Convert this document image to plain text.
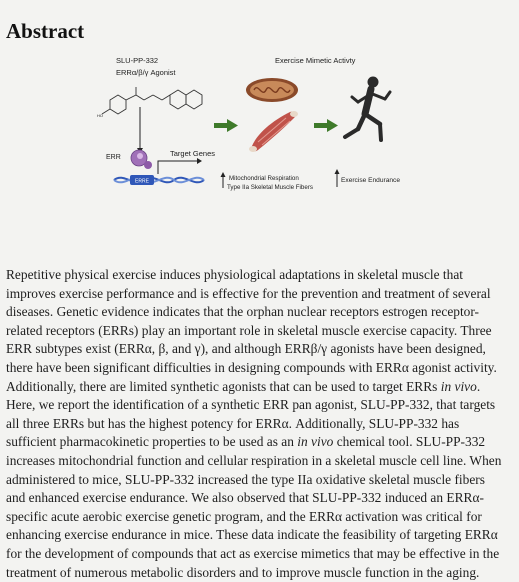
Abstract
SLU-PP-332
ERRα/β/γ Agonist
HO
ERR
ERRE
Target Genes
Exercise Mimetic Activty
Mitochondrial Respiration
Type IIa Skeletal Muscle Fibers
Exercise Endurance

Repetitive physical exercise induces physiological adaptations in skeletal muscle that

improves exercise performance and is effective for the prevention and treatment of several

diseases. Genetic evidence indicates that the orphan nuclear receptors estrogen receptor-

related receptors (ERRs) play an important role in skeletal muscle exercise capacity. Three

ERR subtypes exist (ERRα, β, and γ), and although ERRβ/γ agonists have been designed,

there have been significant difficulties in designing compounds with ERRα agonist activity.

Additionally, there are limited synthetic agonists that can be used to target ERRs in vivo.

Here, we report the identification of a synthetic ERR pan agonist, SLU-PP-332, that targets

all three ERRs but has the highest potency for ERRα. Additionally, SLU-PP-332 has

sufficient pharmacokinetic properties to be used as an in vivo chemical tool. SLU-PP-332

increases mitochondrial function and cellular respiration in a skeletal muscle cell line. When

administered to mice, SLU-PP-332 increased the type IIa oxidative skeletal muscle fibers

and enhanced exercise endurance. We also observed that SLU-PP-332 induced an ERRα-

specific acute aerobic exercise genetic program, and the ERRα activation was critical for

enhancing exercise endurance in mice. These data indicate the feasibility of targeting ERRα

for the development of compounds that act as exercise mimetics that may be effective in the

treatment of numerous metabolic disorders and to improve muscle function in the aging.
